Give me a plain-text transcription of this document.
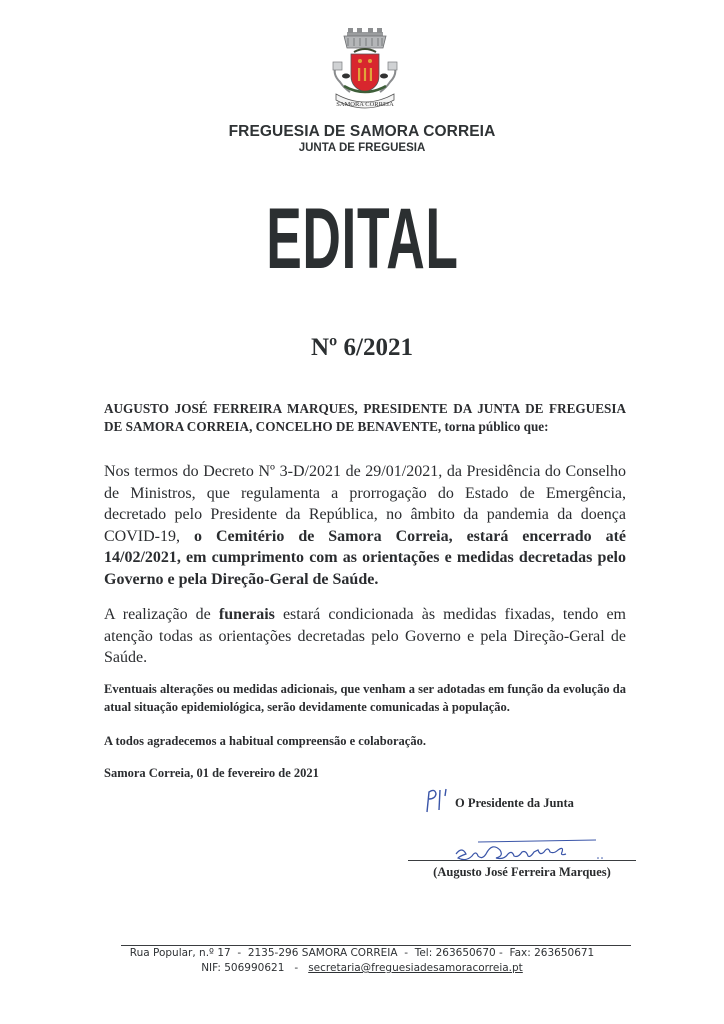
SAMORA CORREIA
FREGUESIA DE SAMORA CORREIA
JUNTA DE FREGUESIA
EDITAL
Nº 6/2021
AUGUSTO JOSÉ FERREIRA MARQUES, PRESIDENTE DA JUNTA DE FREGUESIA DE SAMORA CORREIA, CONCELHO DE BENAVENTE, torna público que:
Nos termos do Decreto Nº 3-D/2021 de 29/01/2021, da Presidência do Conselho de Ministros, que regulamenta a prorrogação do Estado de Emergência, decretado pelo Presidente da República, no âmbito da pandemia da doença COVID-19, o Cemitério de Samora Correia, estará encerrado até 14/02/2021, em cumprimento com as orientações e medidas decretadas pelo Governo e pela Direção-Geral de Saúde.
A realização de funerais estará condicionada às medidas fixadas, tendo em atenção todas as orientações decretadas pelo Governo e pela Direção-Geral de Saúde.
Eventuais alterações ou medidas adicionais, que venham a ser adotadas em função da evolução da atual situação epidemiológica, serão devidamente comunicadas à população.
A todos agradecemos a habitual compreensão e colaboração.
Samora Correia, 01 de fevereiro de 2021
O Presidente da Junta
(Augusto José Ferreira Marques)
Rua Popular, n.º 17  -  2135-296 SAMORA CORREIA  -  Tel: 263650670 -  Fax: 263650671
NIF: 506990621   -   secretaria@freguesiadesamoracorreia.pt
